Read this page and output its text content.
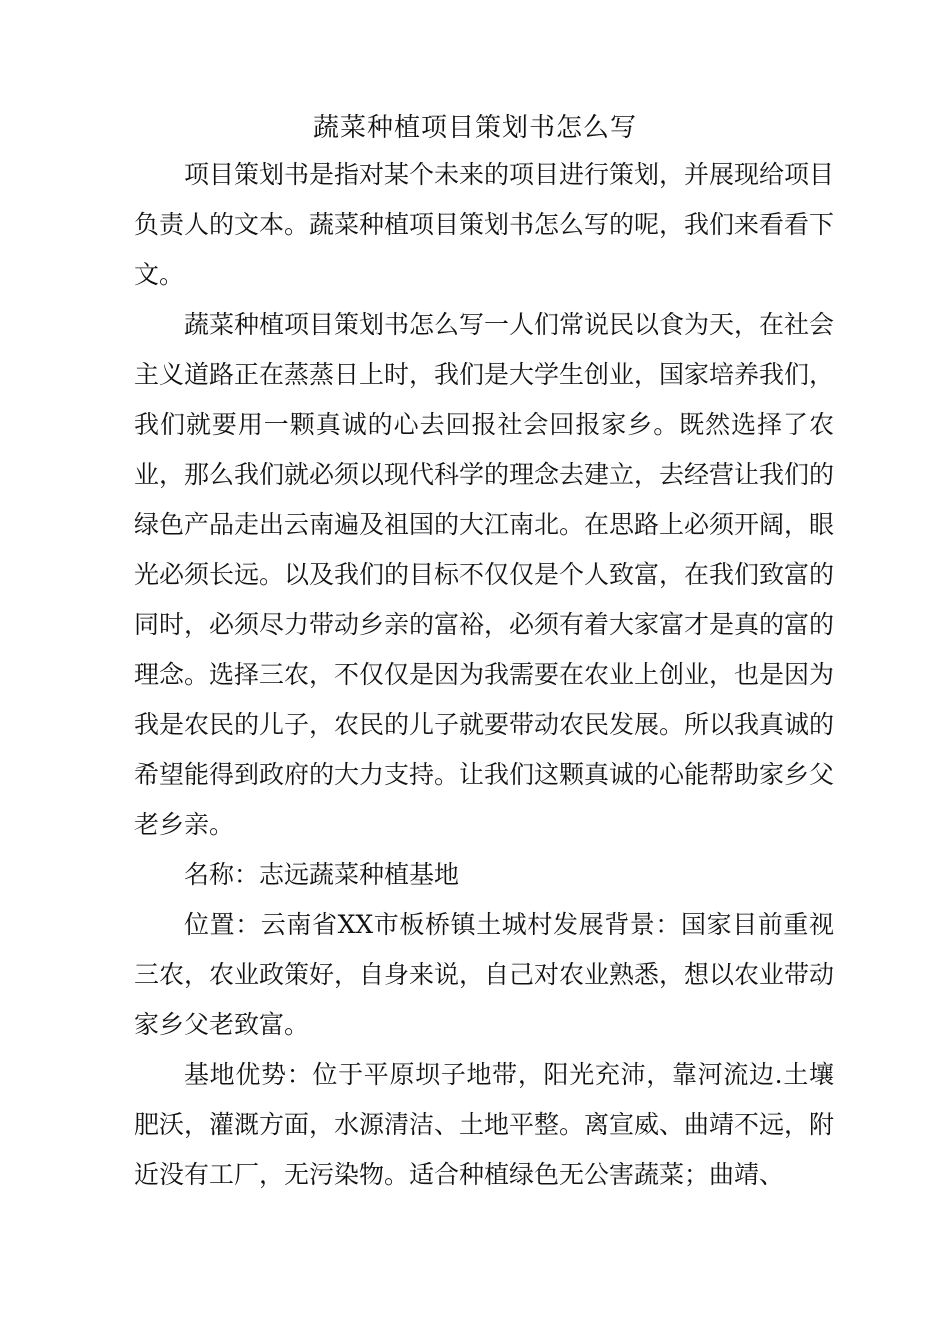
蔬菜种植项目策划书怎么写

项目策划书是指对某个未来的项目进行策划，并展现给项目负责人的文本。蔬菜种植项目策划书怎么写的呢，我们来看看下文。

蔬菜种植项目策划书怎么写一人们常说民以食为天，在社会主义道路正在蒸蒸日上时，我们是大学生创业，国家培养我们，我们就要用一颗真诚的心去回报社会回报家乡。既然选择了农业，那么我们就必须以现代科学的理念去建立，去经营让我们的绿色产品走出云南遍及祖国的大江南北。在思路上必须开阔，眼光必须长远。以及我们的目标不仅仅是个人致富，在我们致富的同时，必须尽力带动乡亲的富裕，必须有着大家富才是真的富的理念。选择三农，不仅仅是因为我需要在农业上创业，也是因为我是农民的儿子，农民的儿子就要带动农民发展。所以我真诚的希望能得到政府的大力支持。让我们这颗真诚的心能帮助家乡父老乡亲。

名称：志远蔬菜种植基地

位置：云南省XX市板桥镇土城村发展背景：国家目前重视三农，农业政策好，自身来说，自己对农业熟悉，想以农业带动家乡父老致富。

基地优势：位于平原坝子地带，阳光充沛，靠河流边.土壤肥沃，灌溉方面，水源清洁、土地平整。离宣威、曲靖不远，附近没有工厂，无污染物。适合种植绿色无公害蔬菜；曲靖、
